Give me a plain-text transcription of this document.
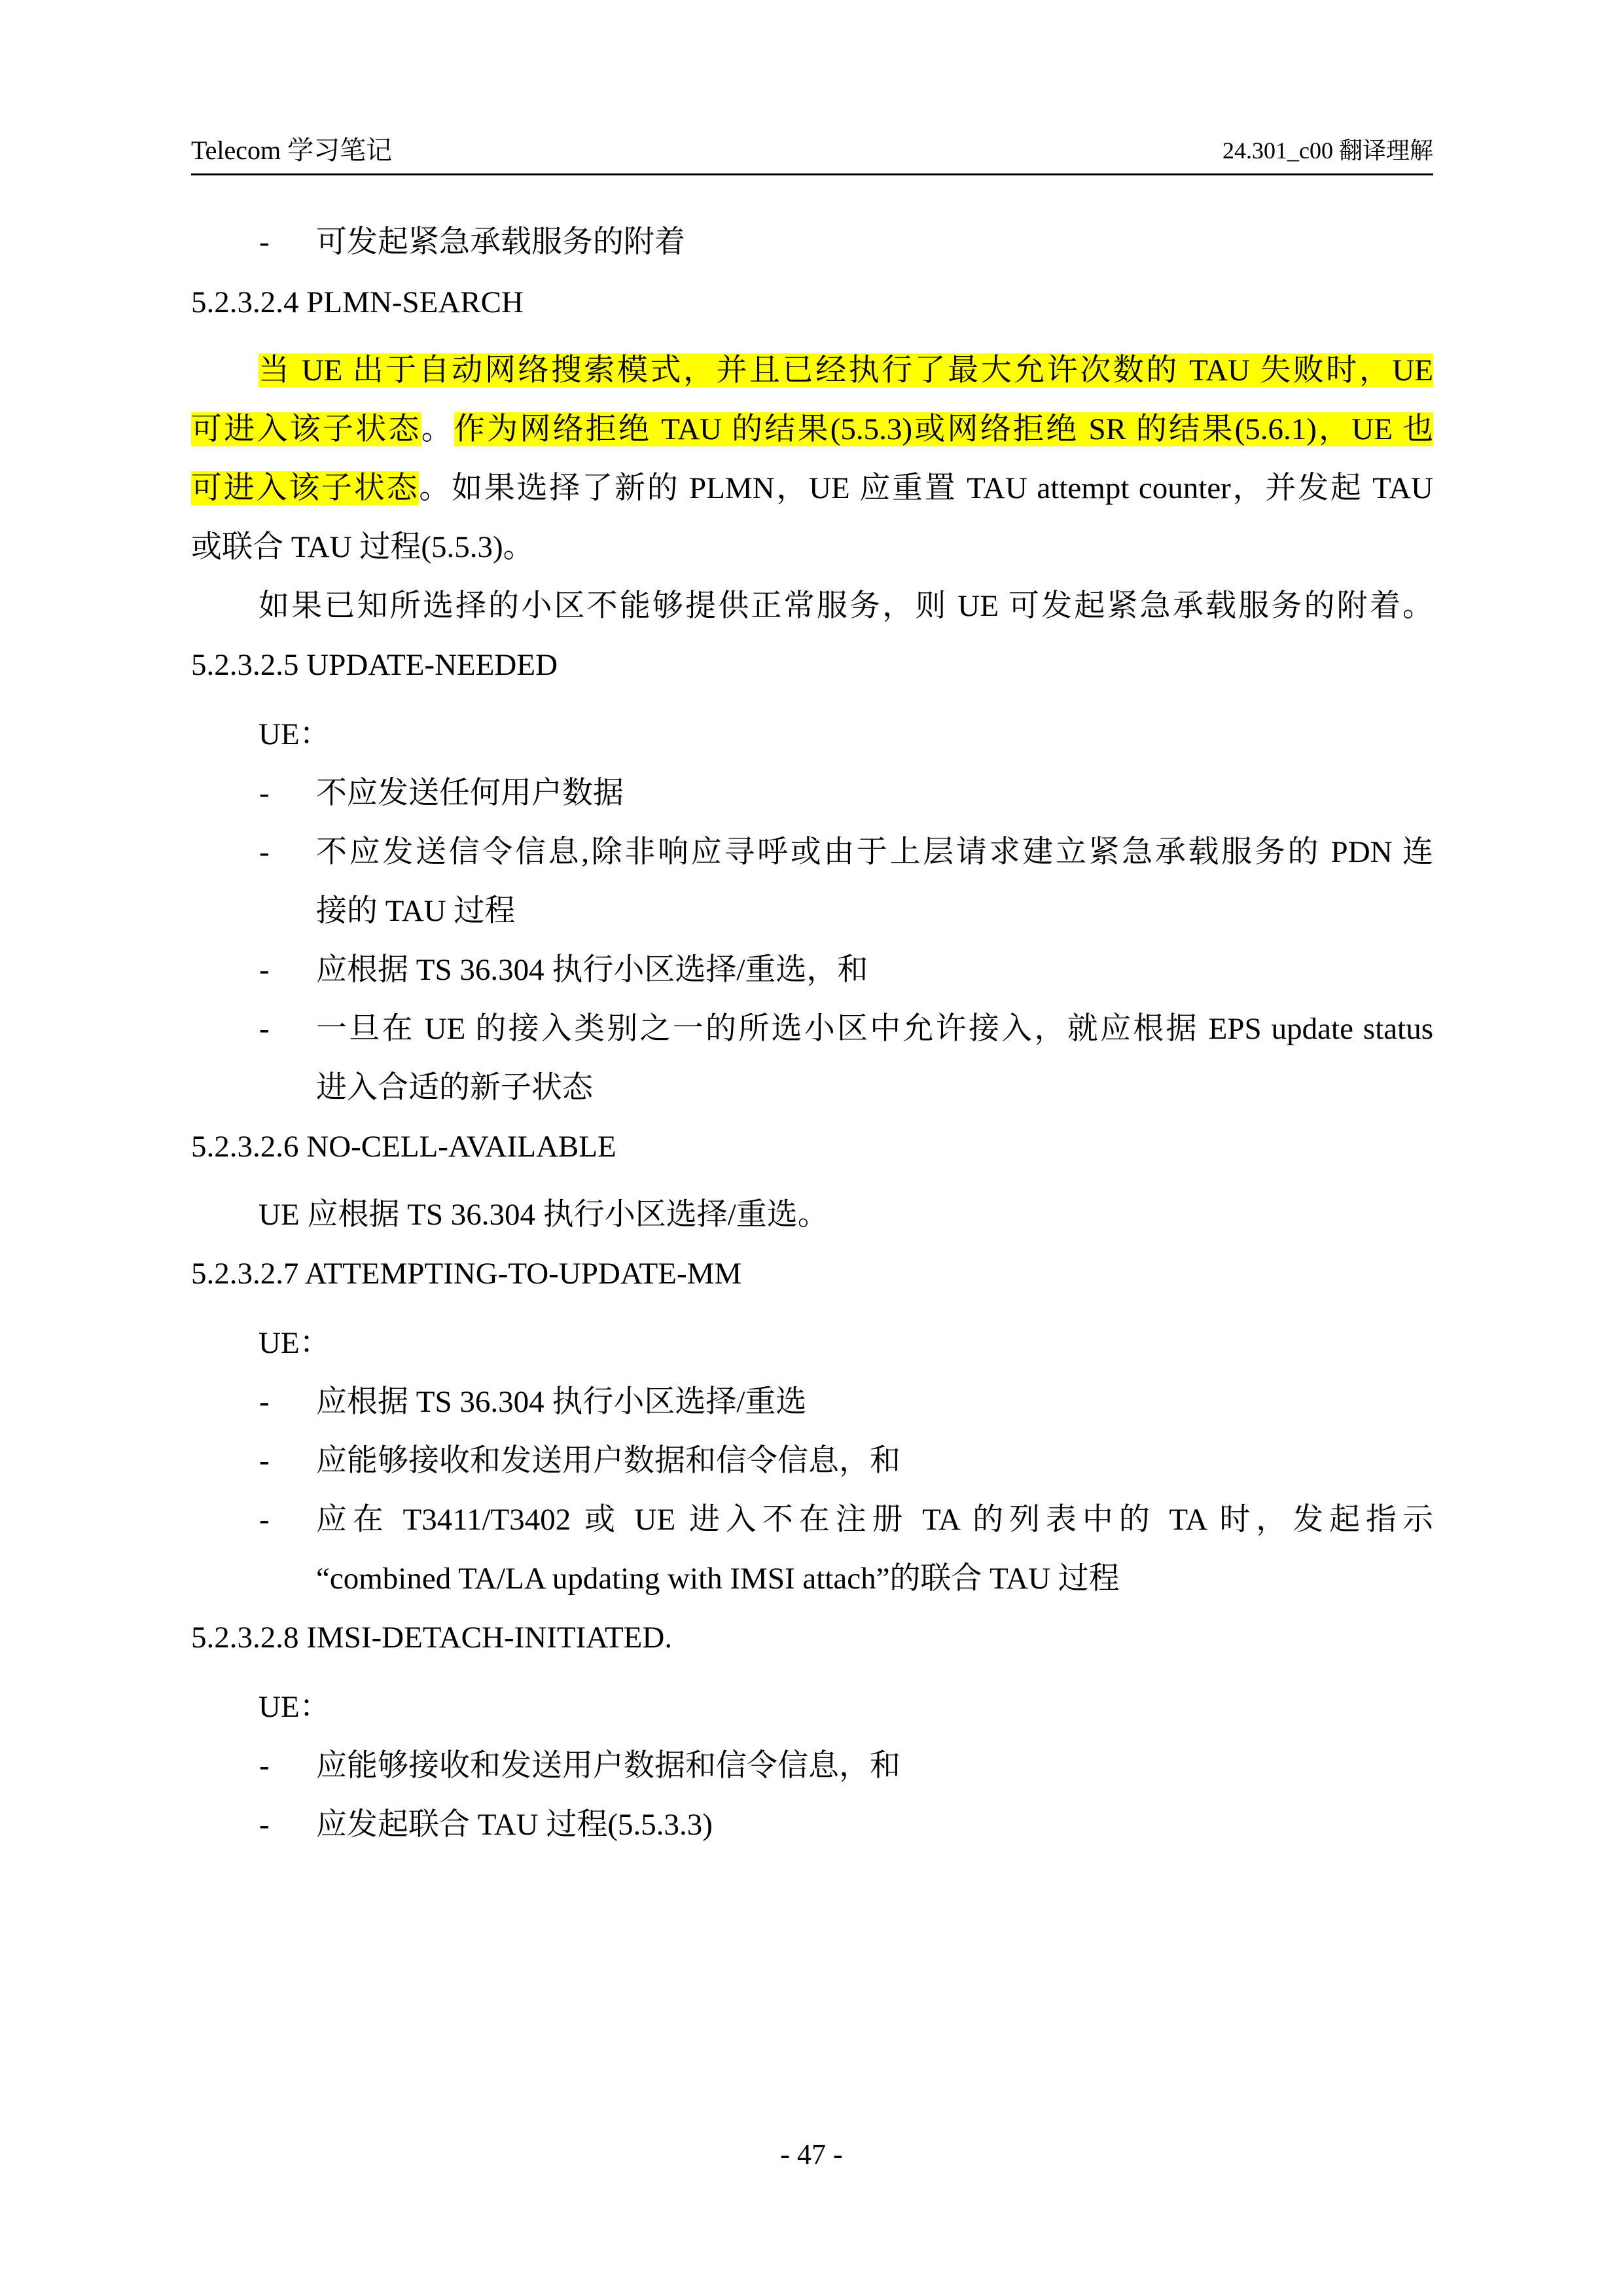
Telecom 学习笔记	24.301_c00 翻译理解
- 可发起紧急承载服务的附着
5.2.3.2.4 PLMN-SEARCH
当 UE 出于自动网络搜索模式，并且已经执行了最大允许次数的 TAU 失败时，UE
可进入该子状态。作为网络拒绝 TAU 的结果(5.5.3)或网络拒绝 SR 的结果(5.6.1)，UE 也
可进入该子状态。如果选择了新的 PLMN，UE 应重置 TAU attempt counter，并发起 TAU
或联合 TAU 过程(5.5.3)。
如果已知所选择的小区不能够提供正常服务，则 UE 可发起紧急承载服务的附着。
5.2.3.2.5 UPDATE-NEEDED
UE：
- 不应发送任何用户数据
- 不应发送信令信息,除非响应寻呼或由于上层请求建立紧急承载服务的 PDN 连
接的 TAU 过程
- 应根据 TS 36.304 执行小区选择/重选，和
- 一旦在 UE 的接入类别之一的所选小区中允许接入，就应根据 EPS update status
进入合适的新子状态
5.2.3.2.6 NO-CELL-AVAILABLE
UE 应根据 TS 36.304 执行小区选择/重选。
5.2.3.2.7 ATTEMPTING-TO-UPDATE-MM
UE：
- 应根据 TS 36.304 执行小区选择/重选
- 应能够接收和发送用户数据和信令信息，和
- 应在 T3411/T3402 或 UE 进入不在注册 TA 的列表中的 TA 时，发起指示
“combined TA/LA updating with IMSI attach”的联合 TAU 过程
5.2.3.2.8 IMSI-DETACH-INITIATED.
UE：
- 应能够接收和发送用户数据和信令信息，和
- 应发起联合 TAU 过程(5.5.3.3)
- 47 -
